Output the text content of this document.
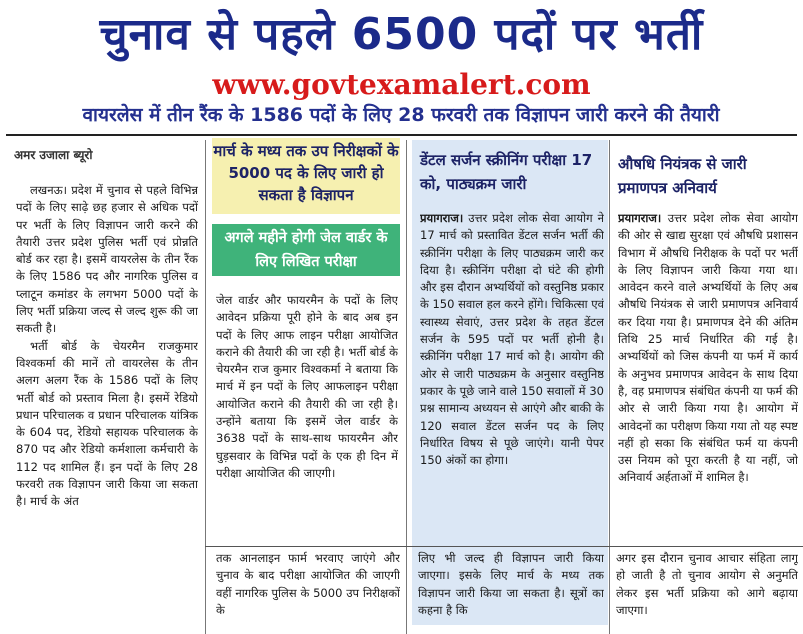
चुनाव से पहले 6500 पदों पर भर्ती
www.govtexamalert.com
वायरलेस में तीन रैंक के 1586 पदों के लिए 28 फरवरी तक विज्ञापन जारी करने की तैयारी
अमर उजाला ब्यूरो

लखनऊ। प्रदेश में चुनाव से पहले विभिन्न पदों के लिए साढ़े छह हजार से अधिक पदों पर भर्ती के लिए विज्ञापन जारी करने की तैयारी उत्तर प्रदेश पुलिस भर्ती एवं प्रोन्नति बोर्ड कर रहा है। इसमें वायरलेस के तीन रैंक के लिए 1586 पद और नागरिक पुलिस व प्लाटून कमांडर के लगभग 5000 पदों के लिए भर्ती प्रक्रिया जल्द से जल्द शुरू की जा सकती है।

भर्ती बोर्ड के चेयरमैन राजकुमार विश्वकर्मा की मानें तो वायरलेस के तीन अलग अलग रैंक के 1586 पदों के लिए भर्ती बोर्ड को प्रस्ताव मिला है। इसमें रेडियो प्रधान परिचालक व प्रधान परिचालक यांत्रिक के 604 पद, रेडियो सहायक परिचालक के 870 पद और रेडियो कर्मशाला कर्मचारी के 112 पद शामिल हैं। इन पदों के लिए 28 फरवरी तक विज्ञापन जारी किया जा सकता है। मार्च के अंत

मार्च के मध्य तक उप निरीक्षकों के 5000 पद के लिए जारी हो सकता है विज्ञापन
अगले महीने होगी जेल वार्डर के लिए लिखित परीक्षा
जेल वार्डर और फायरमैन के पदों के लिए आवेदन प्रक्रिया पूरी होने के बाद अब इन पदों के लिए आफ लाइन परीक्षा आयोजित कराने की तैयारी की जा रही है। भर्ती बोर्ड के चेयरमैन राज कुमार विश्वकर्मा ने बताया कि मार्च में इन पदों के लिए आफलाइन परीक्षा आयोजित कराने की तैयारी की जा रही है। उन्होंने बताया कि इसमें जेल वार्डर के 3638 पदों के साथ-साथ फायरमैन और घुड़सवार के विभिन्न पदों के एक ही दिन में परीक्षा आयोजित की जाएगी।
डेंटल सर्जन स्क्रीनिंग परीक्षा 17 को, पाठ्यक्रम जारी
प्रयागराज। उत्तर प्रदेश लोक सेवा आयोग ने 17 मार्च को प्रस्तावित डेंटल सर्जन भर्ती की स्क्रीनिंग परीक्षा के लिए पाठ्यक्रम जारी कर दिया है। स्क्रीनिंग परीक्षा दो घंटे की होगी और इस दौरान अभ्यर्थियों को वस्तुनिष्ठ प्रकार के 150 सवाल हल करने होंगे। चिकित्सा एवं स्वास्थ्य सेवाएं, उत्तर प्रदेश के तहत डेंटल सर्जन के 595 पदों पर भर्ती होनी है। स्क्रीनिंग परीक्षा 17 मार्च को है। आयोग की ओर से जारी पाठ्यक्रम के अनुसार वस्तुनिष्ठ प्रकार के पूछे जाने वाले 150 सवालों में 30 प्रश्न सामान्य अध्ययन से आएंगे और बाकी के 120 सवाल डेंटल सर्जन पद के लिए निर्धारित विषय से पूछे जाएंगे। यानी पेपर 150 अंकों का होगा।
औषधि नियंत्रक से जारी प्रमाणपत्र अनिवार्य
प्रयागराज। उत्तर प्रदेश लोक सेवा आयोग की ओर से खाद्य सुरक्षा एवं औषधि प्रशासन विभाग में औषधि निरीक्षक के पदों पर भर्ती के लिए विज्ञापन जारी किया गया था। आवेदन करने वाले अभ्यर्थियों के लिए अब औषधि नियंत्रक से जारी प्रमाणपत्र अनिवार्य कर दिया गया है। प्रमाणपत्र देने की अंतिम तिथि 25 मार्च निर्धारित की गई है। अभ्यर्थियों को जिस कंपनी या फर्म में कार्य के अनुभव प्रमाणपत्र आवेदन के साथ दिया है, वह प्रमाणपत्र संबंधित कंपनी या फर्म की ओर से जारी किया गया है। आयोग में आवेदनों का परीक्षण किया गया तो यह स्पष्ट नहीं हो सका कि संबंधित फर्म या कंपनी उस नियम को पूरा करती है या नहीं, जो अनिवार्य अर्हताओं में शामिल है।
तक आनलाइन फार्म भरवाए जाएंगे और चुनाव के बाद परीक्षा आयोजित की जाएगी वहीं नागरिक पुलिस के 5000 उप निरीक्षकों के
लिए भी जल्द ही विज्ञापन जारी किया जाएगा। इसके लिए मार्च के मध्य तक विज्ञापन जारी किया जा सकता है। सूत्रों का कहना है कि
अगर इस दौरान चुनाव आचार संहिता लागू हो जाती है तो चुनाव आयोग से अनुमति लेकर इस भर्ती प्रक्रिया को आगे बढ़ाया जाएगा।
